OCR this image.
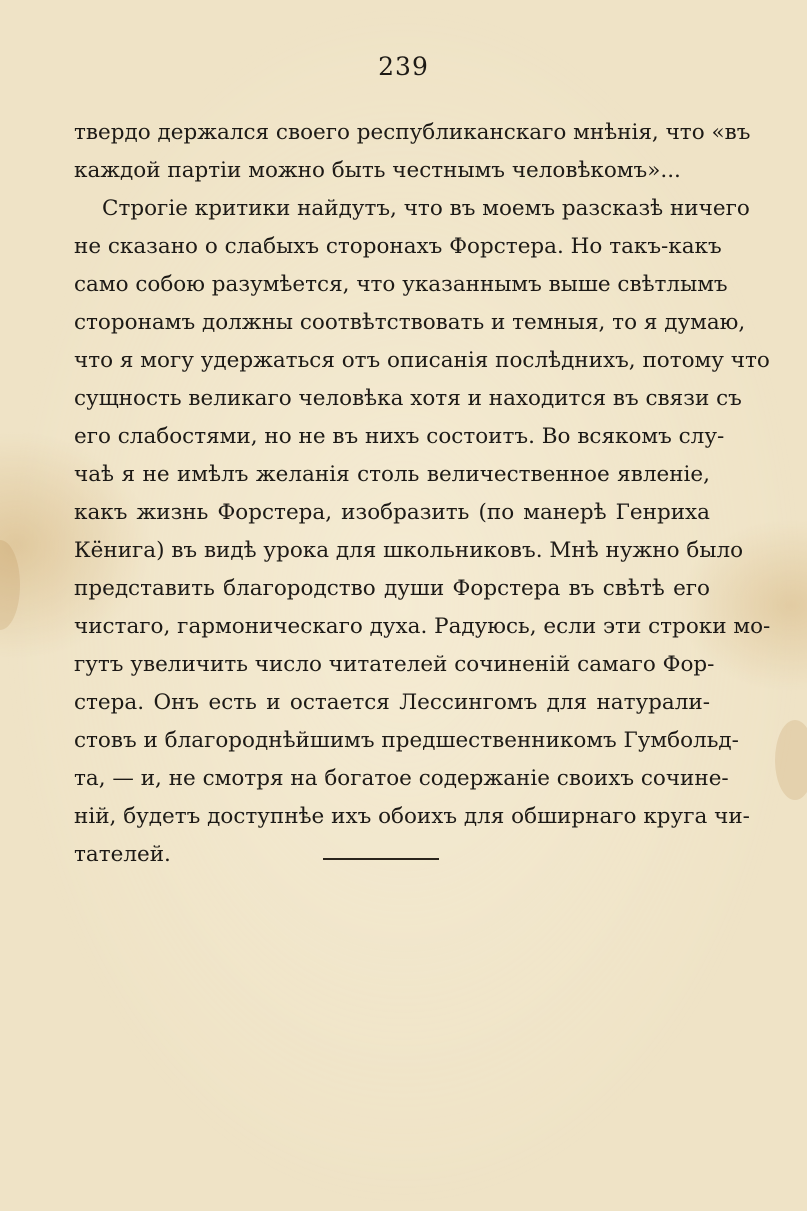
239
твердо держался своего республиканскаго мнѣнія, что «въ
каждой партіи можно быть честнымъ человѣкомъ»...
Строгіе критики найдутъ, что въ моемъ разсказѣ ничего
не сказано о слабыхъ сторонахъ Форстера. Но такъ-какъ
само собою разумѣется, что указаннымъ выше свѣтлымъ
сторонамъ должны соотвѣтствовать и темныя, то я думаю,
что я могу удержаться отъ описанія послѣднихъ, потому что
сущность великаго человѣка хотя и находится въ связи съ
его слабостями, но не въ нихъ состоитъ. Во всякомъ слу-
чаѣ я не имѣлъ желанія столь величественное явленіе,
какъ жизнь Форстера, изобразить (по манерѣ Генриха
Кёнига) въ видѣ урока для школьниковъ. Мнѣ нужно было
представить благородство души Форстера въ свѣтѣ его
чистаго, гармоническаго духа. Радуюсь, если эти строки мо-
гутъ увеличить число читателей сочиненій самаго Фор-
стера. Онъ есть и остается Лессингомъ для натурали-
стовъ и благороднѣйшимъ предшественникомъ Гумбольд-
та, — и, не смотря на богатое содержаніе своихъ сочине-
ній, будетъ доступнѣе ихъ обоихъ для обширнаго круга чи-
тателей.
